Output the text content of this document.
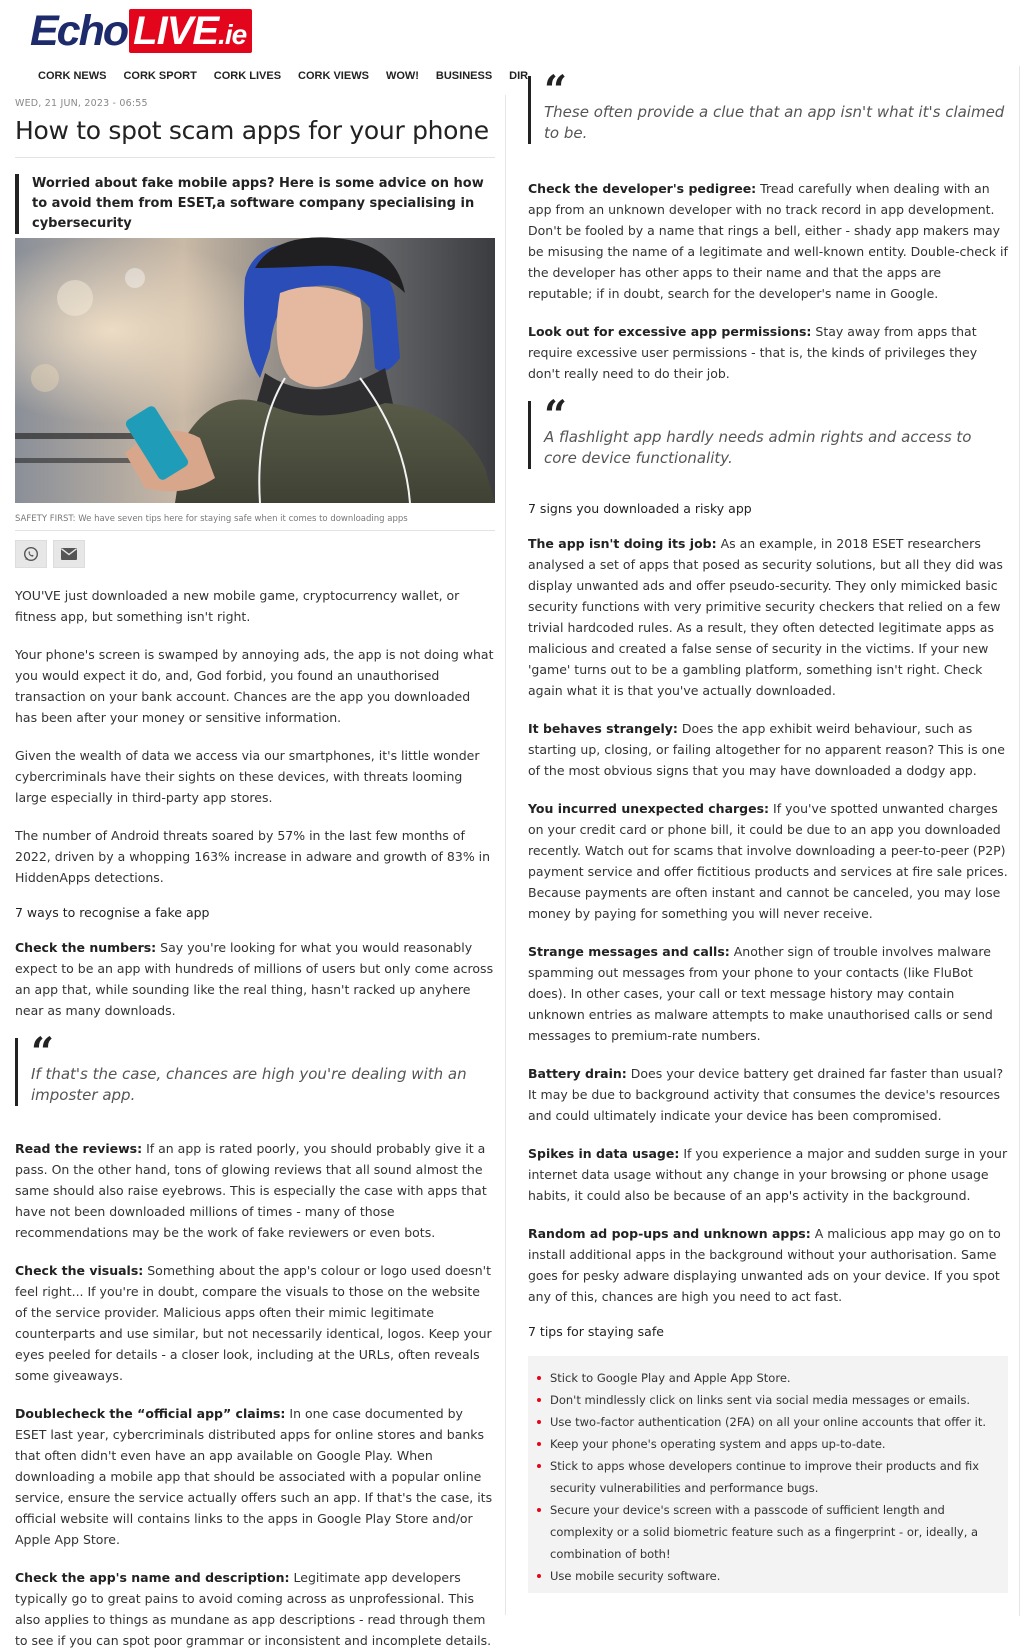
Echo LIVE.ie
CORK NEWS CORK SPORT CORK LIVES CORK VIEWS WOW! BUSINESS DIR
WED, 21 JUN, 2023 - 06:55
How to spot scam apps for your phone
Worried about fake mobile apps? Here is some advice on how to avoid them from ESET,a software company specialising in cybersecurity
SAFETY FIRST: We have seven tips here for staying safe when it comes to downloading apps

YOU'VE just downloaded a new mobile game, cryptocurrency wallet, or fitness app, but something isn't right.

Your phone's screen is swamped by annoying ads, the app is not doing what you would expect it do, and, God forbid, you found an unauthorised transaction on your bank account. Chances are the app you downloaded has been after your money or sensitive information.

Given the wealth of data we access via our smartphones, it's little wonder cybercriminals have their sights on these devices, with threats looming large especially in third-party app stores.

The number of Android threats soared by 57% in the last few months of 2022, driven by a whopping 163% increase in adware and growth of 83% in HiddenApps detections.

7 ways to recognise a fake app

Check the numbers: Say you're looking for what you would reasonably expect to be an app with hundreds of millions of users but only come across an app that, while sounding like the real thing, hasn't racked up anyhere near as many downloads.

“
If that's the case, chances are high you're dealing with an imposter app.

Read the reviews: If an app is rated poorly, you should probably give it a pass. On the other hand, tons of glowing reviews that all sound almost the same should also raise eyebrows. This is especially the case with apps that have not been downloaded millions of times - many of those recommendations may be the work of fake reviewers or even bots.

Check the visuals: Something about the app's colour or logo used doesn't feel right... If you're in doubt, compare the visuals to those on the website of the service provider. Malicious apps often their mimic legitimate counterparts and use similar, but not necessarily identical, logos. Keep your eyes peeled for details - a closer look, including at the URLs, often reveals some giveaways.

Doublecheck the “official app” claims: In one case documented by ESET last year, cybercriminals distributed apps for online stores and banks that often didn't even have an app available on Google Play. When downloading a mobile app that should be associated with a popular online service, ensure the service actually offers such an app. If that's the case, its official website will contains links to the apps in Google Play Store and/or Apple App Store.

Check the app's name and description: Legitimate app developers typically go to great pains to avoid coming across as unprofessional. This also applies to things as mundane as app descriptions - read through them to see if you can spot poor grammar or inconsistent and incomplete details.

“
These often provide a clue that an app isn't what it's claimed to be.

Check the developer's pedigree: Tread carefully when dealing with an app from an unknown developer with no track record in app development. Don't be fooled by a name that rings a bell, either - shady app makers may be misusing the name of a legitimate and well-known entity. Double-check if the developer has other apps to their name and that the apps are reputable; if in doubt, search for the developer's name in Google.

Look out for excessive app permissions: Stay away from apps that require excessive user permissions - that is, the kinds of privileges they don't really need to do their job.

“
A flashlight app hardly needs admin rights and access to core device functionality.

7 signs you downloaded a risky app

The app isn't doing its job: As an example, in 2018 ESET researchers analysed a set of apps that posed as security solutions, but all they did was display unwanted ads and offer pseudo-security. They only mimicked basic security functions with very primitive security checkers that relied on a few trivial hardcoded rules. As a result, they often detected legitimate apps as malicious and created a false sense of security in the victims. If your new 'game' turns out to be a gambling platform, something isn't right. Check again what it is that you've actually downloaded.

It behaves strangely: Does the app exhibit weird behaviour, such as starting up, closing, or failing altogether for no apparent reason? This is one of the most obvious signs that you may have downloaded a dodgy app.

You incurred unexpected charges: If you've spotted unwanted charges on your credit card or phone bill, it could be due to an app you downloaded recently. Watch out for scams that involve downloading a peer-to-peer (P2P) payment service and offer fictitious products and services at fire sale prices. Because payments are often instant and cannot be canceled, you may lose money by paying for something you will never receive.

Strange messages and calls: Another sign of trouble involves malware spamming out messages from your phone to your contacts (like FluBot does). In other cases, your call or text message history may contain unknown entries as malware attempts to make unauthorised calls or send messages to premium-rate numbers.

Battery drain: Does your device battery get drained far faster than usual? It may be due to background activity that consumes the device's resources and could ultimately indicate your device has been compromised.

Spikes in data usage: If you experience a major and sudden surge in your internet data usage without any change in your browsing or phone usage habits, it could also be because of an app's activity in the background.

Random ad pop-ups and unknown apps: A malicious app may go on to install additional apps in the background without your authorisation. Same goes for pesky adware displaying unwanted ads on your device. If you spot any of this, chances are high you need to act fast.

7 tips for staying safe

Stick to Google Play and Apple App Store.
Don't mindlessly click on links sent via social media messages or emails.
Use two-factor authentication (2FA) on all your online accounts that offer it.
Keep your phone's operating system and apps up-to-date.
Stick to apps whose developers continue to improve their products and fix security vulnerabilities and performance bugs.
Secure your device's screen with a passcode of sufficient length and complexity or a solid biometric feature such as a fingerprint - or, ideally, a combination of both!
Use mobile security software.
